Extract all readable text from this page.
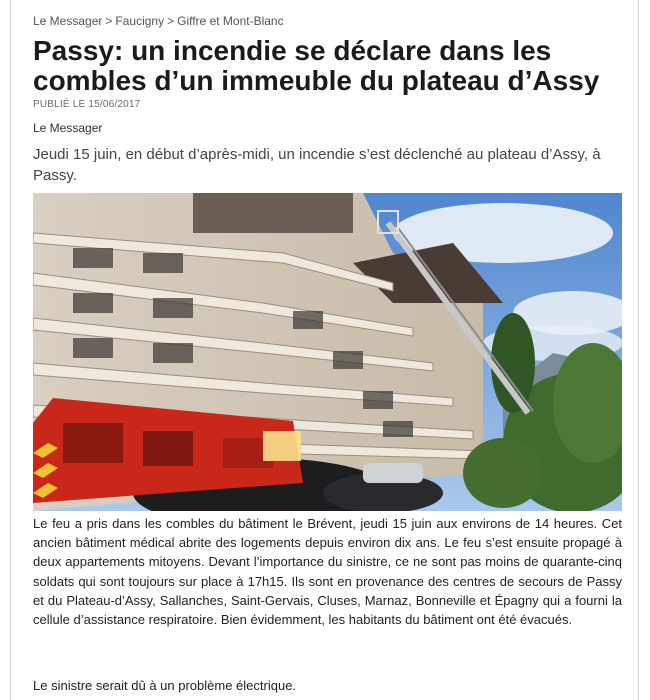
Le Messager > Faucigny > Giffre et Mont-Blanc
Passy: un incendie se déclare dans les combles d’un immeuble du plateau d’Assy
PUBLIÉ LE 15/06/2017
Le Messager

Jeudi 15 juin, en début d’après-midi, un incendie s’est déclenché au plateau d’Assy, à Passy.

Le feu a pris dans les combles du bâtiment le Brévent, jeudi 15 juin aux environs de 14 heures. Cet ancien bâtiment médical abrite des logements depuis environ dix ans. Le feu s’est ensuite propagé à deux appartements mitoyens. Devant l’importance du sinistre, ce ne sont pas moins de quarante-cinq soldats qui sont toujours sur place à 17h15. Ils sont en provenance des centres de secours de Passy et du Plateau-d’Assy, Sallanches, Saint-Gervais, Cluses, Marnaz, Bonneville et Épagny qui a fourni la cellule d’assistance respiratoire. Bien évidemment, les habitants du bâtiment ont été évacués.

Le sinistre serait dû à un problème électrique.
